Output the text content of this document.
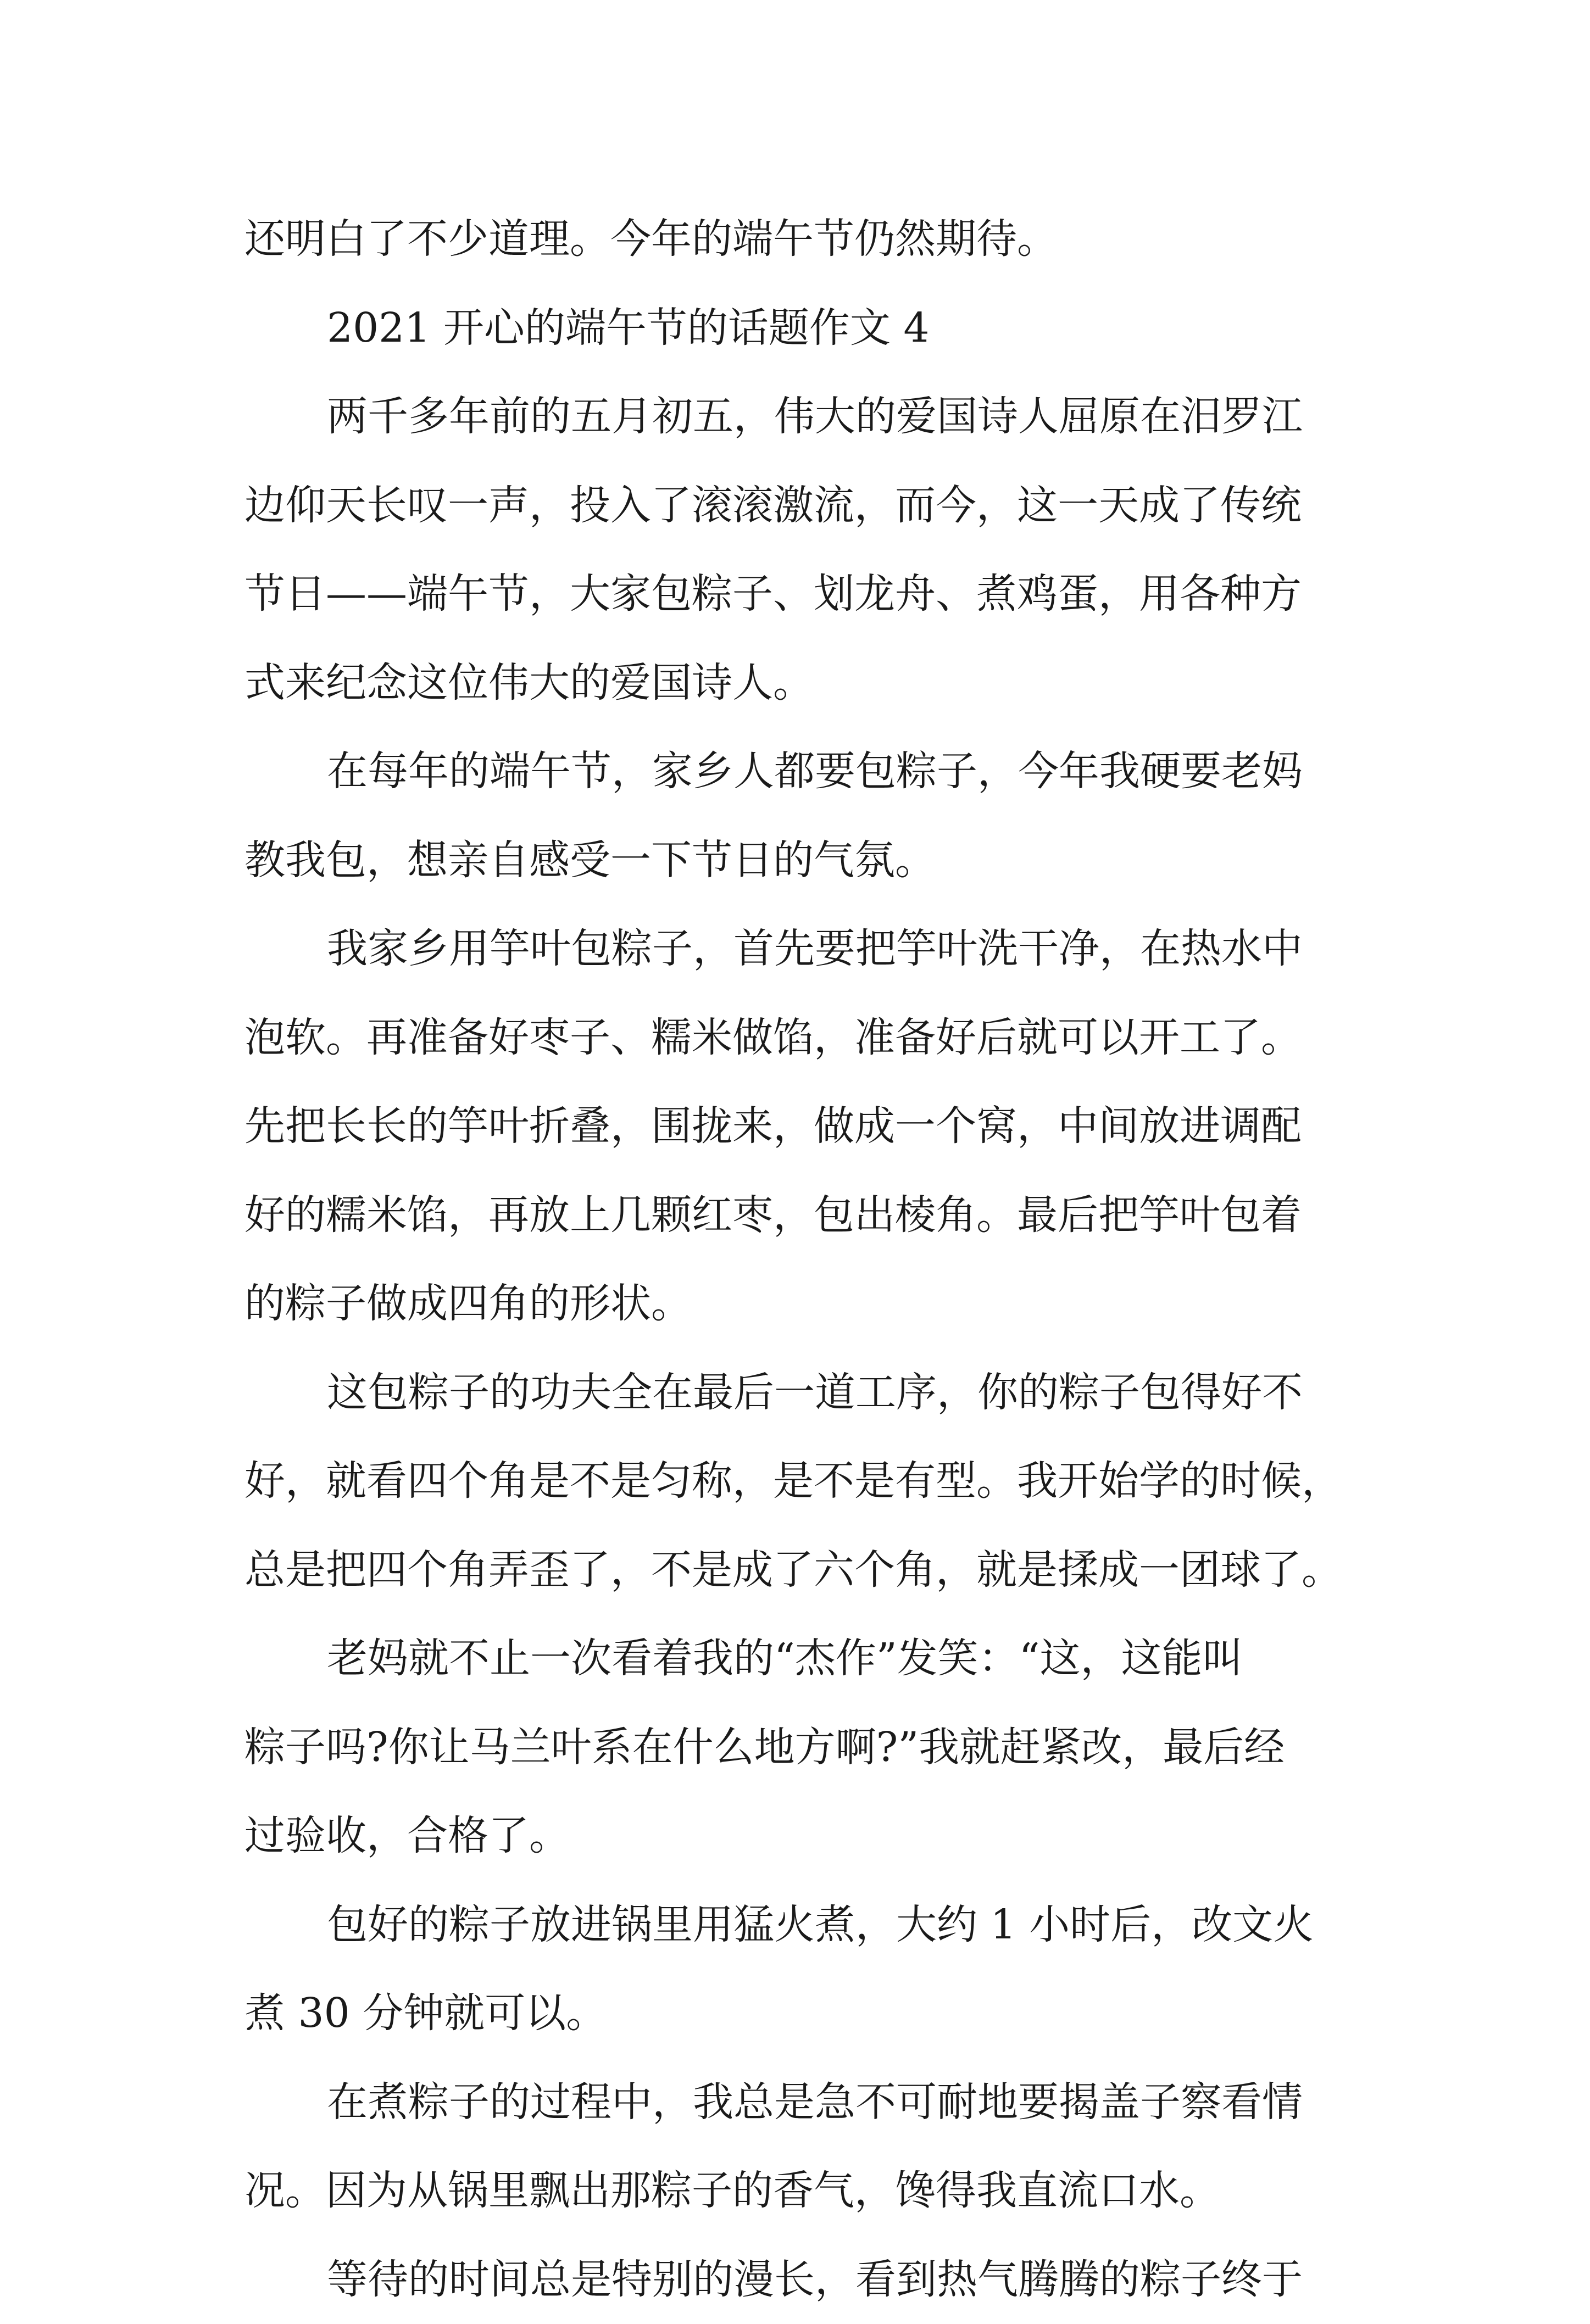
还明白了不少道理。今年的端午节仍然期待。
2021 开心的端午节的话题作文 4
两千多年前的五月初五，伟大的爱国诗人屈原在汨罗江
边仰天长叹一声，投入了滚滚激流，而今，这一天成了传统
节日——端午节，大家包粽子、划龙舟、煮鸡蛋，用各种方
式来纪念这位伟大的爱国诗人。
在每年的端午节，家乡人都要包粽子，今年我硬要老妈
教我包，想亲自感受一下节日的气氛。
我家乡用竽叶包粽子，首先要把竽叶洗干净，在热水中
泡软。再准备好枣子、糯米做馅，准备好后就可以开工了。
先把长长的竽叶折叠，围拢来，做成一个窝，中间放进调配
好的糯米馅，再放上几颗红枣，包出棱角。最后把竽叶包着
的粽子做成四角的形状。
这包粽子的功夫全在最后一道工序，你的粽子包得好不
好，就看四个角是不是匀称，是不是有型。我开始学的时候，
总是把四个角弄歪了，不是成了六个角，就是揉成一团球了。
老妈就不止一次看着我的“杰作”发笑：“这，这能叫
粽子吗?你让马兰叶系在什么地方啊?”我就赶紧改，最后经
过验收，合格了。
包好的粽子放进锅里用猛火煮，大约 1 小时后，改文火
煮 30 分钟就可以。
在煮粽子的过程中，我总是急不可耐地要揭盖子察看情
况。因为从锅里飘出那粽子的香气，馋得我直流口水。
等待的时间总是特别的漫长，看到热气腾腾的粽子终于
